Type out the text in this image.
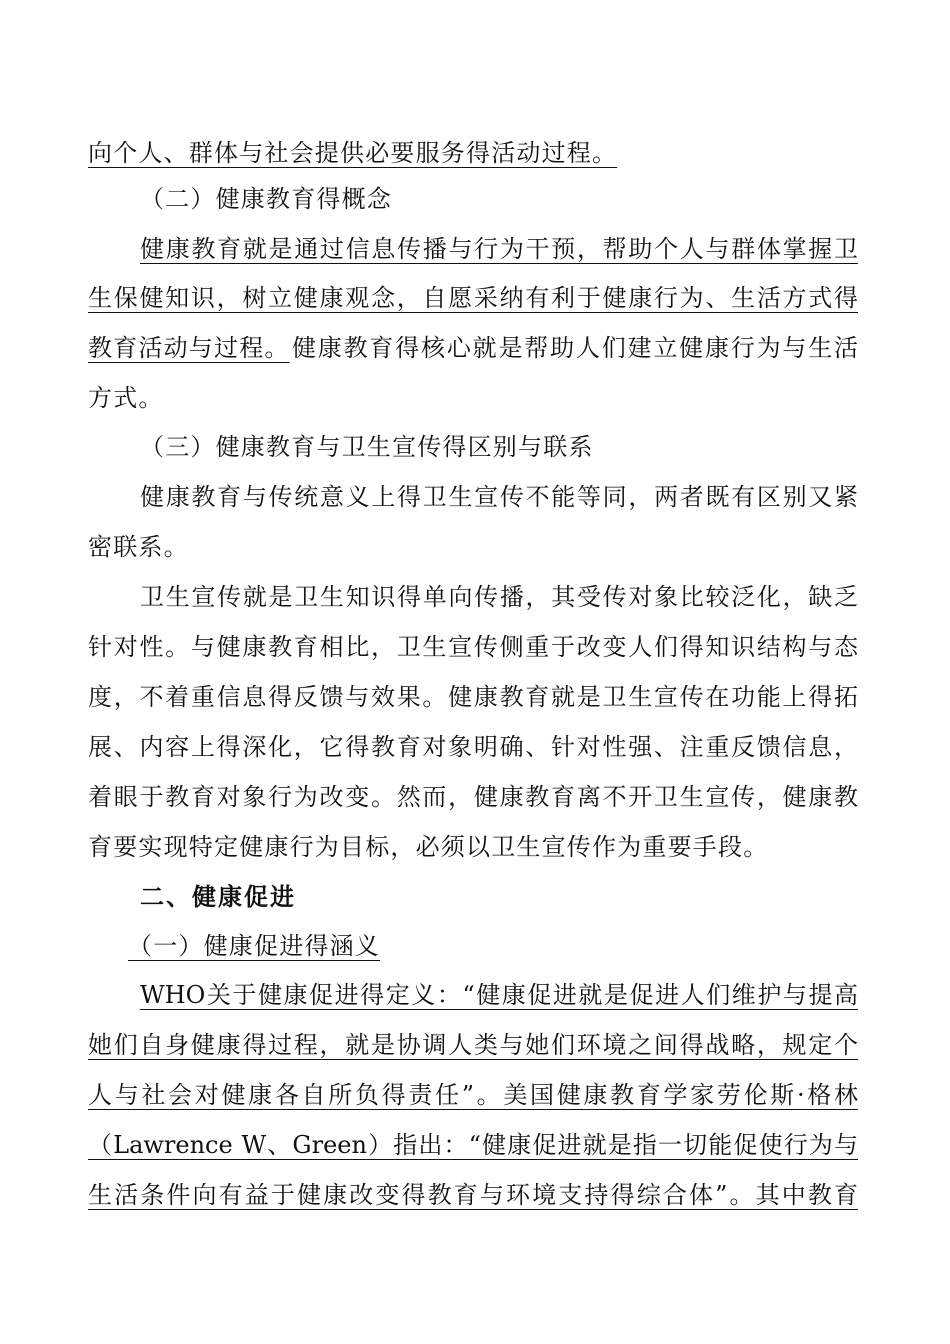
向个人、群体与社会提供必要服务得活动过程。
（二）健康教育得概念
健康教育就是通过信息传播与行为干预，帮助个人与群体掌握卫
生保健知识，树立健康观念，自愿采纳有利于健康行为、生活方式得
教育活动与过程。 健康教育得核心就是帮助人们建立健康行为与生活
方式。
（三）健康教育与卫生宣传得区别与联系
健康教育与传统意义上得卫生宣传不能等同，两者既有区别又紧
密联系。
卫生宣传就是卫生知识得单向传播，其受传对象比较泛化，缺乏
针对性。与健康教育相比，卫生宣传侧重于改变人们得知识结构与态
度，不着重信息得反馈与效果。健康教育就是卫生宣传在功能上得拓
展、内容上得深化，它得教育对象明确、针对性强、注重反馈信息，
着眼于教育对象行为改变。然而，健康教育离不开卫生宣传，健康教
育要实现特定健康行为目标，必须以卫生宣传作为重要手段。
二、健康促进
（一）健康促进得涵义
WHO关于健康促进得定义：“健康促进就是促进人们维护与提高
她们自身健康得过程，就是协调人类与她们环境之间得战略，规定个
人与社会对健康各自所负得责任”。美国健康教育学家劳伦斯·格林
（Lawrence W、Green）指出：“健康促进就是指一切能促使行为与
生活条件向有益于健康改变得教育与环境支持得综合体”。其中教育
